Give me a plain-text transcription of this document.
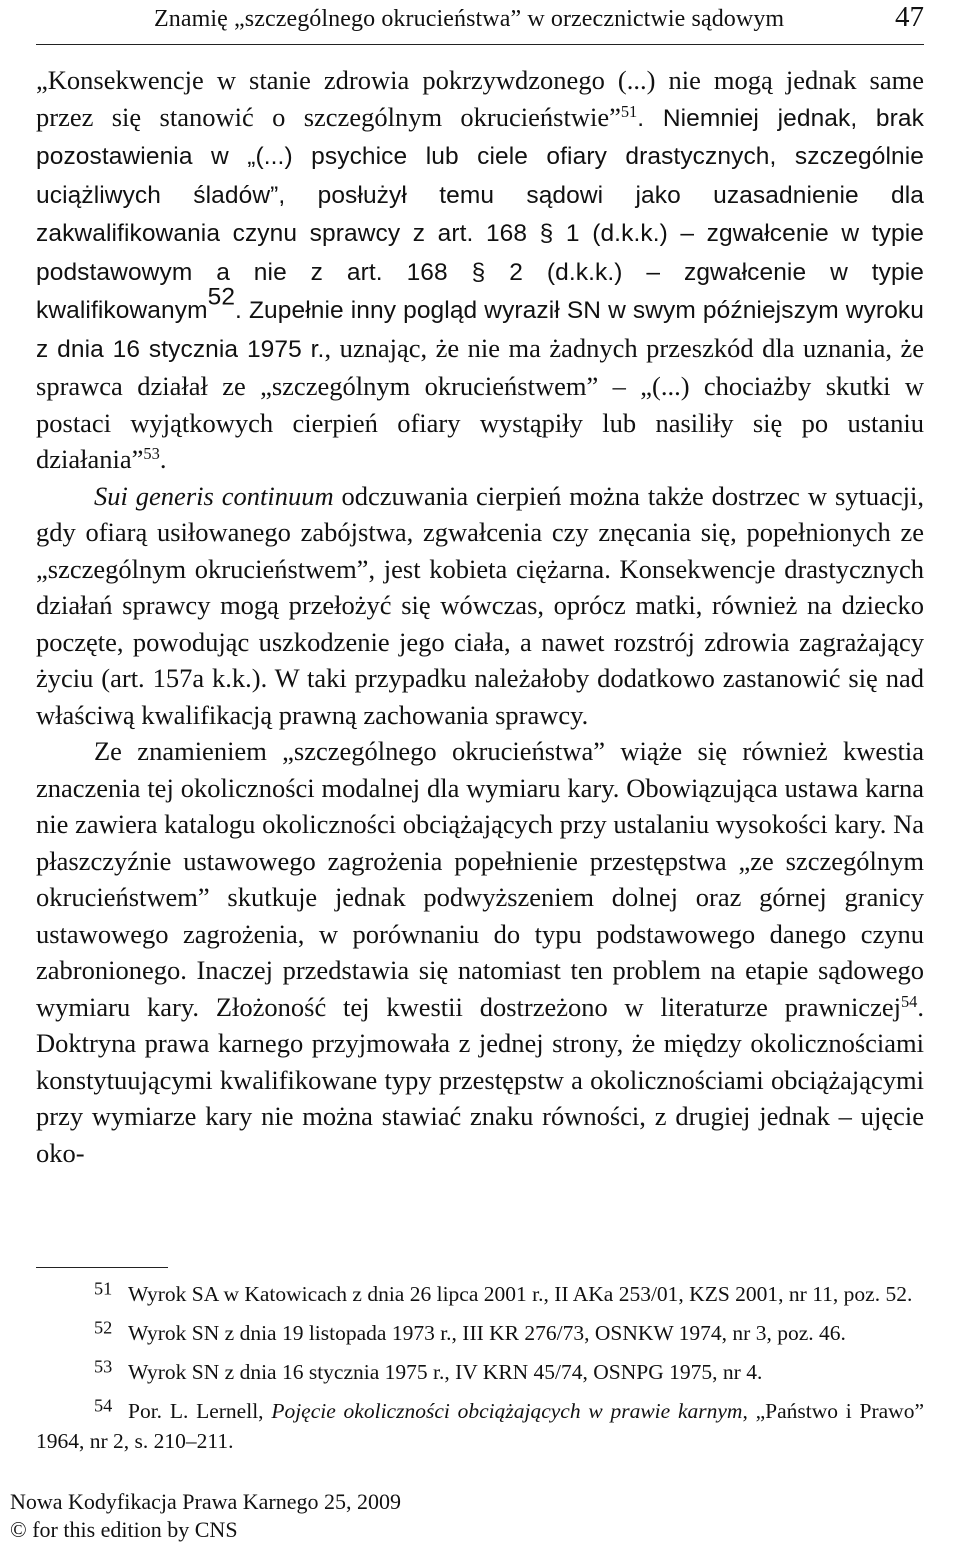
Znamię „szczególnego okrucieństwa” w orzecznictwie sądowym	47

„Konsekwencje w stanie zdrowia pokrzywdzonego (...) nie mogą jednak same przez się stanowić o szczególnym okrucieństwie”$^{51}$. Niemniej jednak, brak pozostawienia w „(...) psychice lub ciele ofiary drastycznych, szczególnie uciążliwych śladów”, posłużył temu sądowi jako uzasadnienie dla zakwalifikowania czynu sprawcy z art. 168 § 1 (d.k.k.) – zgwałcenie w typie podstawowym a nie z art. 168 § 2 (d.k.k.) – zgwałcenie w typie kwalifikowanym$^{52}$. Zupełnie inny pogląd wyraził SN w swym późniejszym wyroku z dnia 16 stycznia 1975 r., uznając, że nie ma żadnych przeszkód dla uznania, że sprawca działał ze „szczególnym okrucieństwem” – „(...) chociażby skutki w postaci wyjątkowych cierpień ofiary wystąpiły lub nasiliły się po ustaniu działania”$^{53}$.

Sui generis continuum odczuwania cierpień można także dostrzec w sytuacji, gdy ofiarą usiłowanego zabójstwa, zgwałcenia czy znęcania się, popełnionych ze „szczególnym okrucieństwem”, jest kobieta ciężarna. Konsekwencje drastycznych działań sprawcy mogą przełożyć się wówczas, oprócz matki, również na dziecko poczęte, powodując uszkodzenie jego ciała, a nawet rozstrój zdrowia zagrażający życiu (art. 157a k.k.). W taki przypadku należałoby dodatkowo zastanowić się nad właściwą kwalifikacją prawną zachowania sprawcy.

Ze znamieniem „szczególnego okrucieństwa” wiąże się również kwestia znaczenia tej okoliczności modalnej dla wymiaru kary. Obowiązująca ustawa karna nie zawiera katalogu okoliczności obciążających przy ustalaniu wysokości kary. Na płaszczyźnie ustawowego zagrożenia popełnienie przestępstwa „ze szczególnym okrucieństwem” skutkuje jednak podwyższeniem dolnej oraz górnej granicy ustawowego zagrożenia, w porównaniu do typu podstawowego danego czynu zabronionego. Inaczej przedstawia się natomiast ten problem na etapie sądowego wymiaru kary. Złożoność tej kwestii dostrzeżono w literaturze prawniczej$^{54}$. Doktryna prawa karnego przyjmowała z jednej strony, że między okolicznościami konstytuującymi kwalifikowane typy przestępstw a okolicznościami obciążającymi przy wymiarze kary nie można stawiać znaku równości, z drugiej jednak – ujęcie oko-

$^{51}$ Wyrok SA w Katowicach z dnia 26 lipca 2001 r., II AKa 253/01, KZS 2001, nr 11, poz. 52.

$^{52}$ Wyrok SN z dnia 19 listopada 1973 r., III KR 276/73, OSNKW 1974, nr 3, poz. 46.

$^{53}$ Wyrok SN z dnia 16 stycznia 1975 r., IV KRN 45/74, OSNPG 1975, nr 4.

$^{54}$ Por. L. Lernell, Pojęcie okoliczności obciążających w prawie karnym, „Państwo i Prawo” 1964, nr 2, s. 210–211.

Nowa Kodyfikacja Prawa Karnego 25, 2009
© for this edition by CNS
